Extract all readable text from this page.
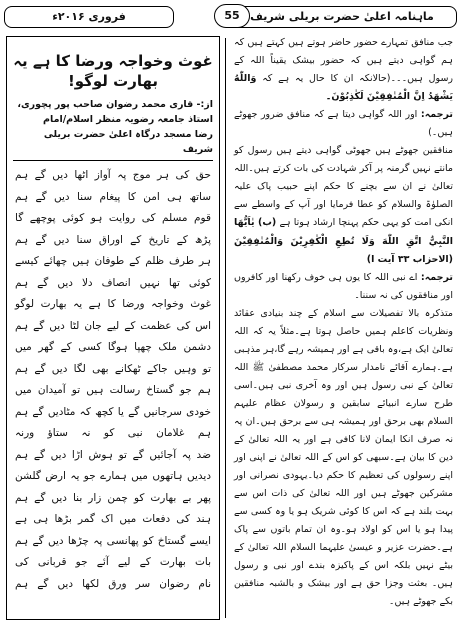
ماہنامہ اعلیٰ حضرت بریلی شریف
55
فروری ۲۰۱۶ء
غوث وخواجہ ورضا کا ہے یہ بھارت لوگو!
از:- قاری محمد رضوان صاحب پور پچوری، استاذ جامعہ رضویہ منظر اسلام/امام
رضا مسجد درگاہ اعلیٰ حضرت بریلی شریف
حق کی ہر موج پہ آواز اٹھا دیں گے ہم
ساتھ ہی امن کا پیغام سنا دیں گے ہم
قوم مسلم کی روایت ہو کوئی پوچھے گا
پڑھ کے تاریخ کے اوراق سنا دیں گے ہم
ہر طرف ظلم کے طوفان ہیں چھائے کیسے
کوئی تھا نہیں انصاف دلا دیں گے ہم
غوث وخواجہ ورضا کا ہے یہ بھارت لوگو
اس کی عظمت کے لیے جان لٹا دیں گے ہم
دشمن ملک چھپا ہوگا کسی کے گھر میں
تو وہیں جاکے ٹھکانے بھی لگا دیں گے ہم
ہم جو گستاخ رسالت ہیں تو آمیدان میں
خودی سرجانیں گے یا کچھ کہ مٹادیں گے ہم
ہم غلامان نبی کو نہ ستاؤ ورنہ
ضد پہ آجائیں گے تو ہوش اڑا دیں گے ہم
دیدیں ہاتھوں میں ہمارے جو یہ ارض گلشن
پھر بے بھارت کو چمن زار بنا دیں گے ہم
ہند کی دفعات میں اک گمر بڑھا ہی ہے
ایسے گستاخ کو پھانسی پہ چڑھا دیں گے ہم
بات بھارت کے لیے آئے جو قربانی کی
نام رضوان سر ورق لکھا دیں گے ہم

جب منافق تمہارے حضور حاضر ہوتے ہیں کہتے ہیں کہ ہم گواہی دیتے ہیں کہ حضور بیشک یقیناً اللہ کے رسول ہیں۔۔۔(حالانکہ ان کا حال یہ ہے کہ وَاللّٰهُ يَشْهَدُ اِنَّ الْمُنٰفِقِيْنَ لَكٰذِبُوْنَ۔

ترجمہ: اور اللہ گواہی دیتا ہے کہ منافق ضرور جھوٹے ہیں۔)

منافقین جھوٹے ہیں جھوٹی گواہی دیتے ہیں رسول کو مانتے نہیں گرمنہ پر آکر شہادت کی بات کرتے ہیں۔اللہ تعالیٰ نے ان سے بچنے کا حکم اپنے حبیب پاک علیہ الصلوٰۃ والسلام کو عطا فرمایا اور آپ کے واسطے سے انکی امت کو یہی حکم پہنچا ارشاد ہوتا ہے (ب) يٰاَيُّهَا النَّبِيُّ اتَّقِ اللّٰهَ وَلَا تُطِعِ الْكٰفِرِيْنَ وَالْمُنٰفِقِيْنَ (الاحزاب ۳۳ آیت ا)

ترجمہ: اے نبی اللہ کا یوں ہی خوف رکھنا اور کافروں اور منافقوں کی نہ سننا۔

متذکرہ بالا تفصیلات سے اسلام کے چند بنیادی عقائد ونظریات کاعلم ہمیں حاصل ہوتا ہے۔مثلاً یہ کہ اللہ تعالیٰ ایک ہے،وہ باقی ہے اور ہمیشہ رہے گا،ہر مذہبی ہے۔ہمارے آقائے نامدار سرکار محمد مصطفیٰ ﷺ اللہ تعالیٰ کے نبی رسول ہیں اور وہ آخری نبی ہیں۔اسی طرح سارے انبیائے سابقین و رسولان عظام علیہم السلام بھی برحق اور ہمیشہ ہی سے برحق ہیں۔ان پہ نہ صرف انکا ایمان لانا کافی ہے اور یہ اللہ تعالیٰ کے دین کا بیان ہے۔سبھی کو اس کے اللہ تعالیٰ نے اپنی اور اپنے رسولوں کی تعظیم کا حکم دیا۔یہودی نصرانی اور مشرکین جھوٹے ہیں اور اللہ تعالیٰ کی ذات اس سے بہت بلند ہے کہ اس کا کوئی شریک ہو یا وہ کسی سے پیدا ہو یا اس کو اولاد ہو۔وہ ان تمام باتوں سے پاک ہے۔حضرت عزیر و عیسیٰ علیہما السلام اللہ تعالیٰ کے بیٹے نہیں بلکہ اس کے پاکیزہ بندے اور نبی و رسول ہیں۔ بعثت وجزا حق ہے اور بیشک و بالشبہ منافقین بکے جھوٹے ہیں۔
